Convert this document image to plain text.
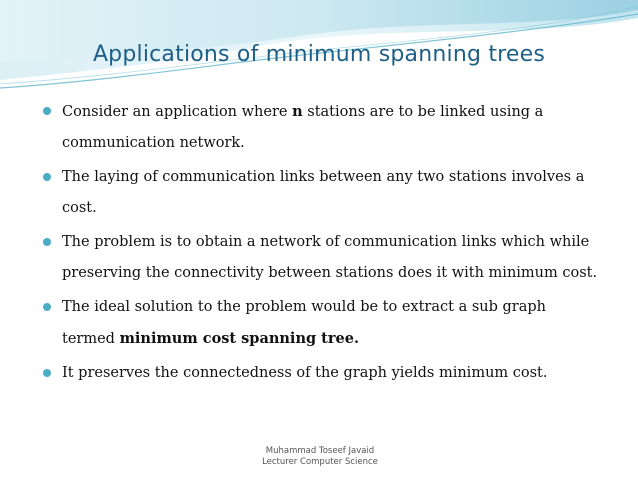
Applications of minimum spanning trees
Consider an application where n stations are to be linked using a communication network.
The laying of communication links between any two stations involves a cost.
The problem is to obtain a network of communication links which while preserving the connectivity between stations does it with minimum cost.
The ideal solution to the problem would be to extract a sub graph termed minimum cost spanning tree.
It preserves the connectedness of the graph yields minimum cost.
Muhammad Toseef Javaid
Lecturer Computer Science
